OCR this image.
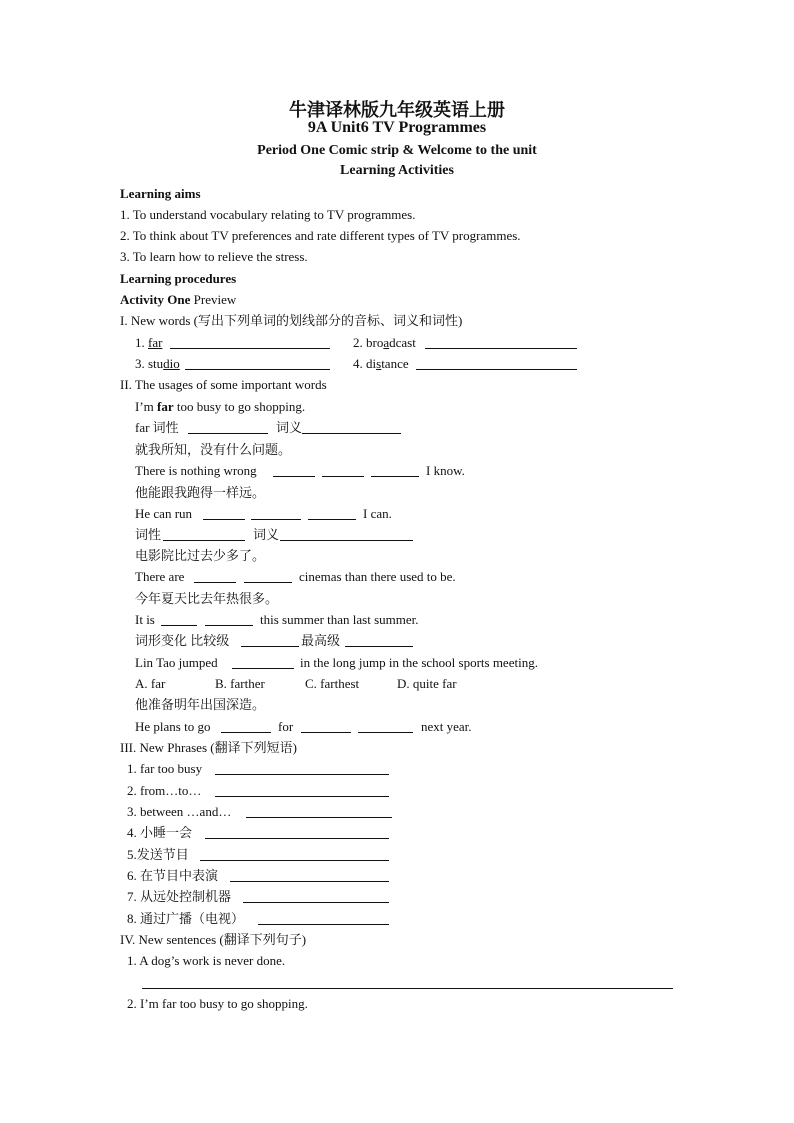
牛津译林版九年级英语上册
9A Unit6 TV Programmes
Period One Comic strip & Welcome to the unit
Learning Activities
Learning aims
1. To understand vocabulary relating to TV programmes.
2. To think about TV preferences and rate different types of TV programmes.
3. To learn how to relieve the stress.
Learning procedures
Activity One Preview
I. New words (写出下列单词的划线部分的音标、词义和词性)
1. far	2. broadcast
3. studio	4. distance
II. The usages of some important words
I’m far too busy to go shopping.
far 词性	词义
就我所知，没有什么问题。
There is nothing wrong	I know.
他能跟我跑得一样远。
He can run	I can.
词性	词义
电影院比过去少多了。
There are	cinemas than there used to be.
今年夏天比去年热很多。
It is	this summer than last summer.
词形变化 比较级	最高级
Lin Tao jumped	in the long jump in the school sports meeting.
A. far	B. farther	C. farthest	D. quite far
他准备明年出国深造。
He plans to go	for	next year.
III. New Phrases (翻译下列短语)
1. far too busy
2. from…to…
3. between …and…
4. 小睡一会
5.发送节目
6. 在节目中表演
7. 从远处控制机器
8. 通过广播（电视）
IV. New sentences (翻译下列句子)
1. A dog’s work is never done.
2. I’m far too busy to go shopping.
